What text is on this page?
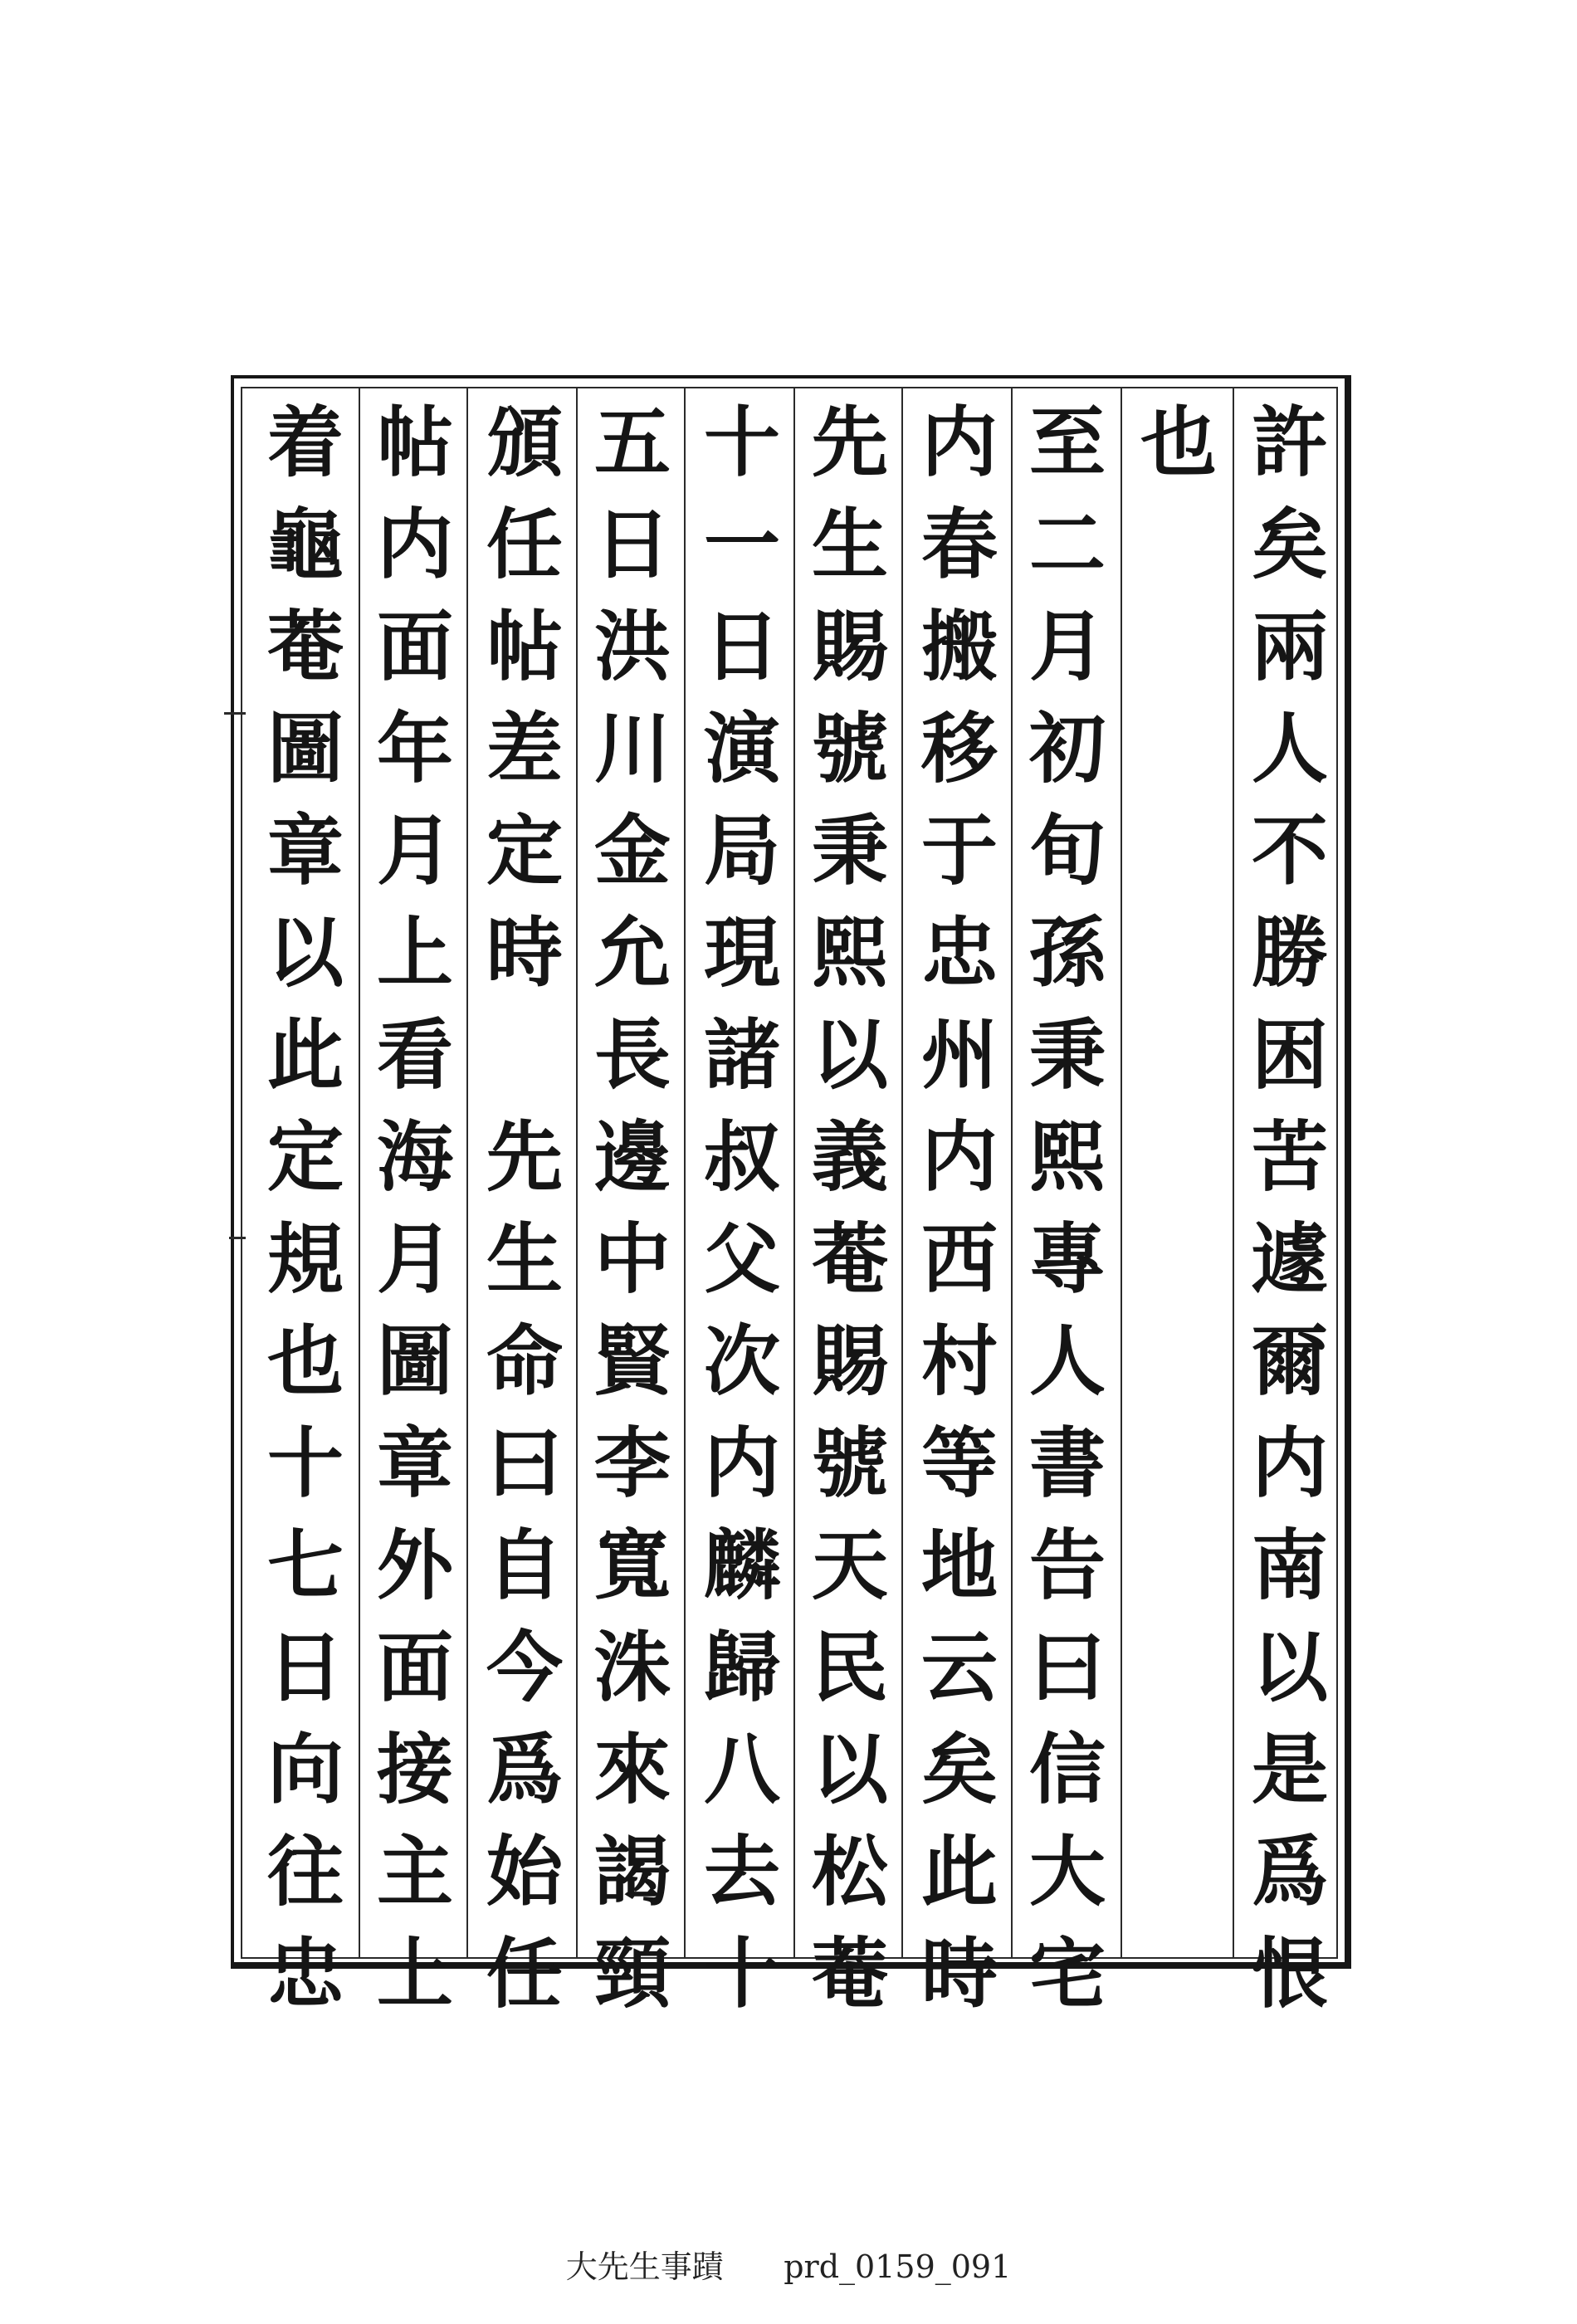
許
矣
兩
人
不
勝
困
苦
遽
爾
内
南
以
是
爲
恨
也
至
二
月
初
旬
孫
秉
熙
專
人
書
告
曰
信
大
宅
内
春
搬
移
于
忠
州
内
西
村
等
地
云
矣
此
時
先
生
賜
號
秉
熙
以
義
菴
賜
號
天
民
以
松
菴
十
一
日
演
局
現
諸
叔
父
次
内
麟
歸
八
去
十
五
日
洪
川
金
允
長
邊
中
賢
李
寬
洙
來
謁
頸
頒
任
帖
差
定
時
先
生
命
曰
自
今
爲
始
任
帖
内
面
年
月
上
看
海
月
圖
章
外
面
接
主
上
着
龜
菴
圖
章
以
此
定
規
也
十
七
日
向
往
忠
大先生事蹟 prd_0159_091
